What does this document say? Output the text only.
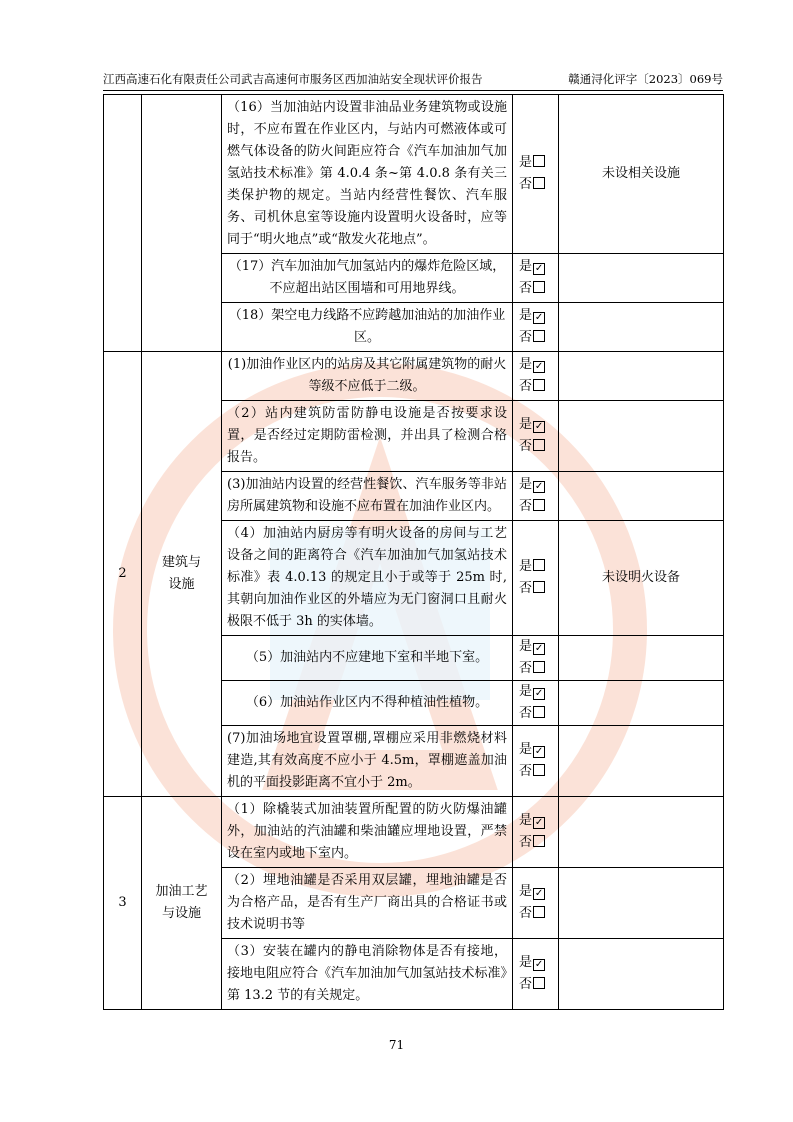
江西高速石化有限责任公司武吉高速何市服务区西加油站安全现状评价报告	赣通浔化评字〔2023〕069号
		（16）当加油站内设置非油品业务建筑物或设施时，不应布置在作业区内，与站内可燃液体或可燃气体设备的防火间距应符合《汽车加油加气加氢站技术标准》第 4.0.4 条~第 4.0.8 条有关三类保护物的规定。当站内经营性餐饮、汽车服务、司机休息室等设施内设置明火设备时，应等同于“明火地点”或“散发火花地点”。	是
否	未设相关设施
		（17）汽车加油加气加氢站内的爆炸危险区域，不应超出站区围墙和可用地界线。	是 ✓
否	

		（18）架空电力线路不应跨越加油站的加油作业区。	是 ✓
否	

2	建筑与设施	(1)加油作业区内的站房及其它附属建筑物的耐火等级不应低于二级。	是 ✓
否	

		（2）站内建筑防雷防静电设施是否按要求设置，是否经过定期防雷检测，并出具了检测合格报告。	是 ✓
否	

		(3)加油站内设置的经营性餐饮、汽车服务等非站房所属建筑物和设施不应布置在加油作业区内。	是 ✓
否	

		（4）加油站内厨房等有明火设备的房间与工艺设备之间的距离符合《汽车加油加气加氢站技术标准》表 4.0.13 的规定且小于或等于 25m 时,其朝向加油作业区的外墙应为无门窗洞口且耐火极限不低于 3h 的实体墙。	是
否	未设明火设备
		（5）加油站内不应建地下室和半地下室。	是 ✓
否	

		（6）加油站作业区内不得种植油性植物。	是 ✓
否	

		(7)加油场地宜设置罩棚,罩棚应采用非燃烧材料建造,其有效高度不应小于 4.5m，罩棚遮盖加油机的平面投影距离不宜小于 2m。	是 ✓
否	

3	加油工艺与设施	（1）除橇装式加油装置所配置的防火防爆油罐外，加油站的汽油罐和柴油罐应埋地设置，严禁设在室内或地下室内。	是 ✓
否	

		（2）埋地油罐是否采用双层罐，埋地油罐是否为合格产品，是否有生产厂商出具的合格证书或技术说明书等	是 ✓
否	

		（3）安装在罐内的静电消除物体是否有接地，接地电阻应符合《汽车加油加气加氢站技术标准》第 13.2 节的有关规定。	是 ✓
否	

71
